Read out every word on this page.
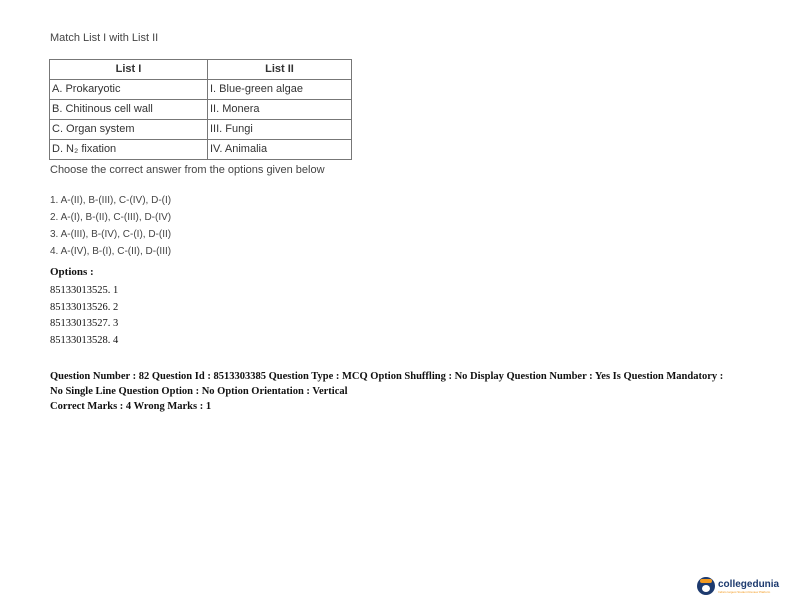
Match List I with List II
List I	List II
A. Prokaryotic	I. Blue-green algae
B. Chitinous cell wall	II. Monera
C. Organ system	III. Fungi
D. N₂ fixation	IV. Animalia
Choose the correct answer from the options given below
1. A-(II), B-(III), C-(IV), D-(I)
2. A-(I), B-(II), C-(III), D-(IV)
3. A-(III), B-(IV), C-(I), D-(II)
4. A-(IV), B-(I), C-(II), D-(III)
Options :
85133013525. 1
85133013526. 2
85133013527. 3
85133013528. 4
Question Number : 82 Question Id : 8513303385 Question Type : MCQ Option Shuffling : No Display Question Number : Yes Is Question Mandatory : No Single Line Question Option : No Option Orientation : Vertical
Correct Marks : 4 Wrong Marks : 1
collegedunia
India's largest Student Review Platform
